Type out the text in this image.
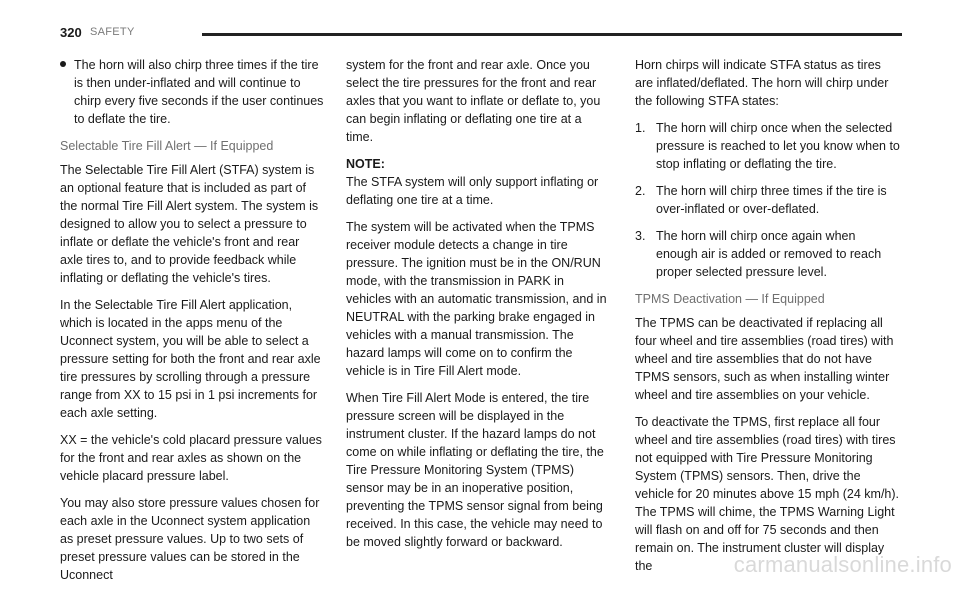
320 SAFETY
The horn will also chirp three times if the tire is then under-inflated and will continue to chirp every five seconds if the user continues to deflate the tire.
Selectable Tire Fill Alert — If Equipped

The Selectable Tire Fill Alert (STFA) system is an optional feature that is included as part of the normal Tire Fill Alert system. The system is designed to allow you to select a pressure to inflate or deflate the vehicle's front and rear axle tires to, and to provide feedback while inflating or deflating the vehicle's tires.

In the Selectable Tire Fill Alert application, which is located in the apps menu of the Uconnect system, you will be able to select a pressure setting for both the front and rear axle tire pressures by scrolling through a pressure range from XX to 15 psi in 1 psi increments for each axle setting.

XX = the vehicle's cold placard pressure values for the front and rear axles as shown on the vehicle placard pressure label.

You may also store pressure values chosen for each axle in the Uconnect system application as preset pressure values. Up to two sets of preset pressure values can be stored in the Uconnect

system for the front and rear axle. Once you select the tire pressures for the front and rear axles that you want to inflate or deflate to, you can begin inflating or deflating one tire at a time.

NOTE:
The STFA system will only support inflating or deflating one tire at a time.

The system will be activated when the TPMS receiver module detects a change in tire pressure. The ignition must be in the ON/RUN mode, with the transmission in PARK in vehicles with an automatic transmission, and in NEUTRAL with the parking brake engaged in vehicles with a manual transmission. The hazard lamps will come on to confirm the vehicle is in Tire Fill Alert mode.

When Tire Fill Alert Mode is entered, the tire pressure screen will be displayed in the instrument cluster. If the hazard lamps do not come on while inflating or deflating the tire, the Tire Pressure Monitoring System (TPMS) sensor may be in an inoperative position, preventing the TPMS sensor signal from being received. In this case, the vehicle may need to be moved slightly forward or backward.

Horn chirps will indicate STFA status as tires are inflated/deflated. The horn will chirp under the following STFA states:

1. The horn will chirp once when the selected pressure is reached to let you know when to stop inflating or deflating the tire.
2. The horn will chirp three times if the tire is over-inflated or over-deflated.
3. The horn will chirp once again when enough air is added or removed to reach proper selected pressure level.
TPMS Deactivation — If Equipped

The TPMS can be deactivated if replacing all four wheel and tire assemblies (road tires) with wheel and tire assemblies that do not have TPMS sensors, such as when installing winter wheel and tire assemblies on your vehicle.

To deactivate the TPMS, first replace all four wheel and tire assemblies (road tires) with tires not equipped with Tire Pressure Monitoring System (TPMS) sensors. Then, drive the vehicle for 20 minutes above 15 mph (24 km/h). The TPMS will chime, the TPMS Warning Light will flash on and off for 75 seconds and then remain on. The instrument cluster will display the	carmanualsonline.info
